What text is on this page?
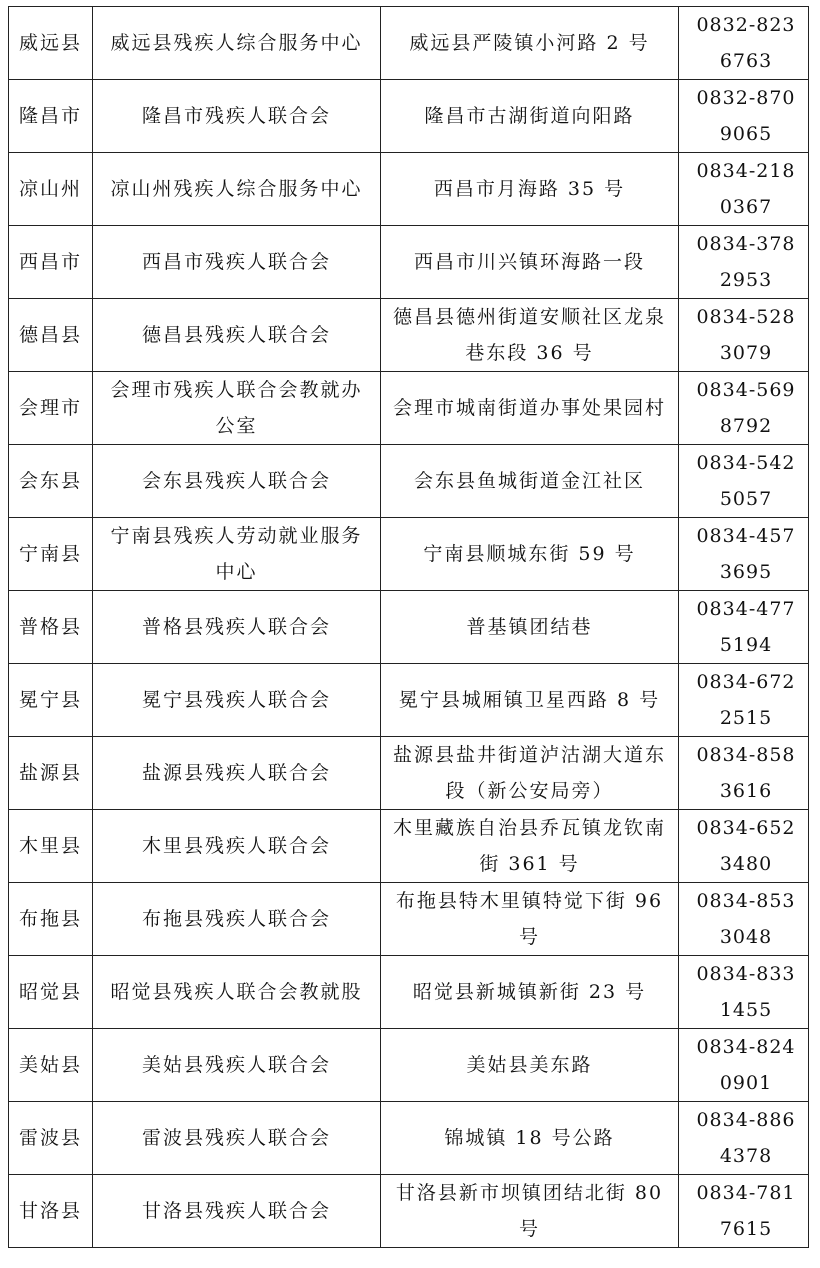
威远县	威远县残疾人综合服务中心	威远县严陵镇小河路 2 号	0832-8236763

隆昌市	隆昌市残疾人联合会	隆昌市古湖街道向阳路	0832-8709065

凉山州	凉山州残疾人综合服务中心	西昌市月海路 35 号	0834-2180367

西昌市	西昌市残疾人联合会	西昌市川兴镇环海路一段	0834-3782953

德昌县	德昌县残疾人联合会	德昌县德州街道安顺社区龙泉巷东段 36 号	0834-5283079

会理市	会理市残疾人联合会教就办公室	会理市城南街道办事处果园村	0834-5698792

会东县	会东县残疾人联合会	会东县鱼城街道金江社区	0834-5425057

宁南县	宁南县残疾人劳动就业服务中心	宁南县顺城东街 59 号	0834-4573695

普格县	普格县残疾人联合会	普基镇团结巷	0834-4775194

冕宁县	冕宁县残疾人联合会	冕宁县城厢镇卫星西路 8 号	0834-6722515

盐源县	盐源县残疾人联合会	盐源县盐井街道泸沽湖大道东段（新公安局旁）	0834-8583616

木里县	木里县残疾人联合会	木里藏族自治县乔瓦镇龙钦南街 361 号	0834-6523480

布拖县	布拖县残疾人联合会	布拖县特木里镇特觉下街 96 号	0834-8533048

昭觉县	昭觉县残疾人联合会教就股	昭觉县新城镇新街 23 号	0834-8331455

美姑县	美姑县残疾人联合会	美姑县美东路	0834-8240901

雷波县	雷波县残疾人联合会	锦城镇 18 号公路	0834-8864378

甘洛县	甘洛县残疾人联合会	甘洛县新市坝镇团结北街 80 号	0834-7817615
